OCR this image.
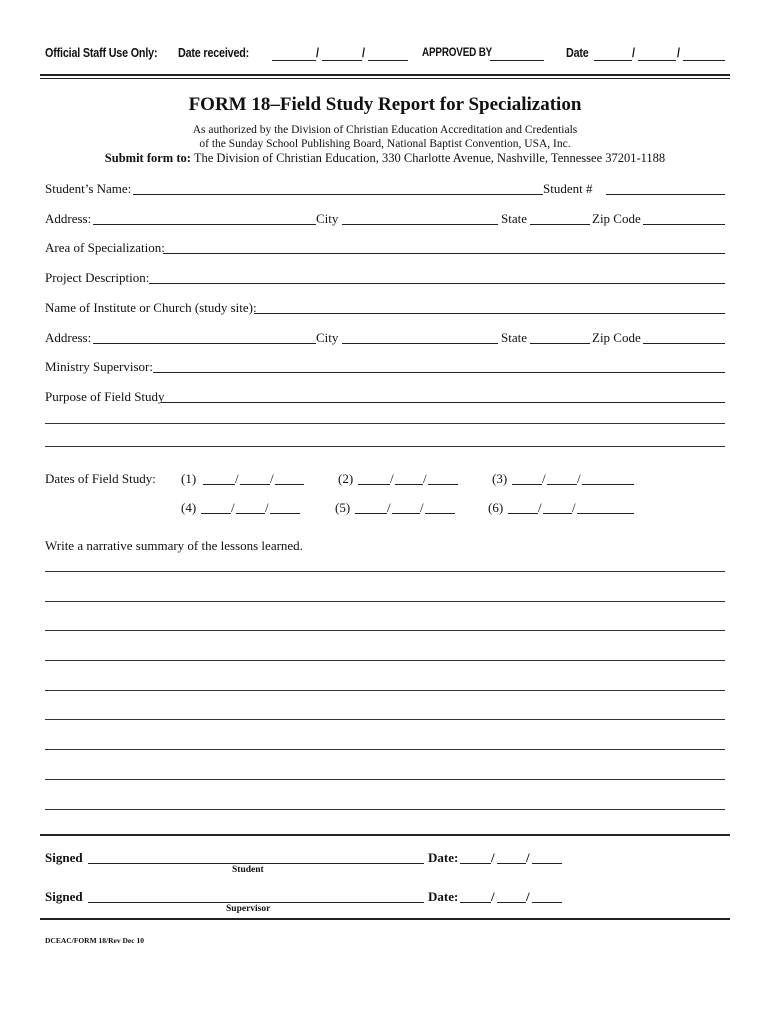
Official Staff Use Only: Date received:	/	/	APPROVED BY	Date	/	/
FORM 18–Field Study Report for Specialization
As authorized by the Division of Christian Education Accreditation and Credentials
of the Sunday School Publishing Board, National Baptist Convention, USA, Inc.
Submit form to: The Division of Christian Education, 330 Charlotte Avenue, Nashville, Tennessee 37201-1188
Student’s Name:	Student #
Address:	City	State	Zip Code
Area of Specialization:
Project Description:
Name of Institute or Church (study site):
Address:	City	State	Zip Code
Ministry Supervisor:
Purpose of Field Study
Dates of Field Study: (1)	/ /	(2)	/ /	(3)	/ /
(4)	/ /	(5)	/ /	(6)	/ /
Write a narrative summary of the lessons learned.
Signed	Date:	/ /
Student
Signed	Date:	/ /
Supervisor
DCEAC/FORM 18/Rev Dec 10
